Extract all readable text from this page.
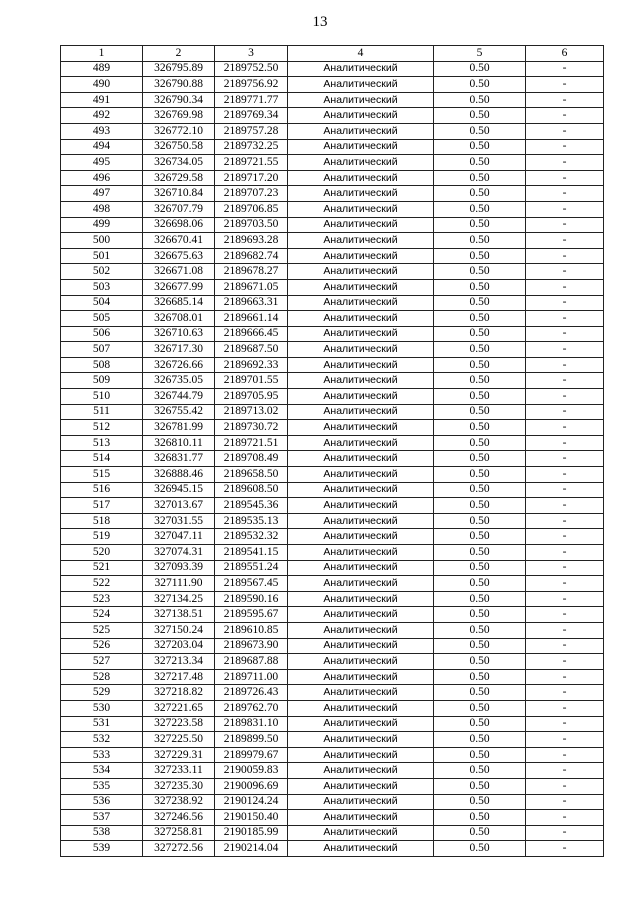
13
1	2	3	4	5	6
489	326795.89	2189752.50	Аналитический	0.50	-
490	326790.88	2189756.92	Аналитический	0.50	-
491	326790.34	2189771.77	Аналитический	0.50	-
492	326769.98	2189769.34	Аналитический	0.50	-
493	326772.10	2189757.28	Аналитический	0.50	-
494	326750.58	2189732.25	Аналитический	0.50	-
495	326734.05	2189721.55	Аналитический	0.50	-
496	326729.58	2189717.20	Аналитический	0.50	-
497	326710.84	2189707.23	Аналитический	0.50	-
498	326707.79	2189706.85	Аналитический	0.50	-
499	326698.06	2189703.50	Аналитический	0.50	-
500	326670.41	2189693.28	Аналитический	0.50	-
501	326675.63	2189682.74	Аналитический	0.50	-
502	326671.08	2189678.27	Аналитический	0.50	-
503	326677.99	2189671.05	Аналитический	0.50	-
504	326685.14	2189663.31	Аналитический	0.50	-
505	326708.01	2189661.14	Аналитический	0.50	-
506	326710.63	2189666.45	Аналитический	0.50	-
507	326717.30	2189687.50	Аналитический	0.50	-
508	326726.66	2189692.33	Аналитический	0.50	-
509	326735.05	2189701.55	Аналитический	0.50	-
510	326744.79	2189705.95	Аналитический	0.50	-
511	326755.42	2189713.02	Аналитический	0.50	-
512	326781.99	2189730.72	Аналитический	0.50	-
513	326810.11	2189721.51	Аналитический	0.50	-
514	326831.77	2189708.49	Аналитический	0.50	-
515	326888.46	2189658.50	Аналитический	0.50	-
516	326945.15	2189608.50	Аналитический	0.50	-
517	327013.67	2189545.36	Аналитический	0.50	-
518	327031.55	2189535.13	Аналитический	0.50	-
519	327047.11	2189532.32	Аналитический	0.50	-
520	327074.31	2189541.15	Аналитический	0.50	-
521	327093.39	2189551.24	Аналитический	0.50	-
522	327111.90	2189567.45	Аналитический	0.50	-
523	327134.25	2189590.16	Аналитический	0.50	-
524	327138.51	2189595.67	Аналитический	0.50	-
525	327150.24	2189610.85	Аналитический	0.50	-
526	327203.04	2189673.90	Аналитический	0.50	-
527	327213.34	2189687.88	Аналитический	0.50	-
528	327217.48	2189711.00	Аналитический	0.50	-
529	327218.82	2189726.43	Аналитический	0.50	-
530	327221.65	2189762.70	Аналитический	0.50	-
531	327223.58	2189831.10	Аналитический	0.50	-
532	327225.50	2189899.50	Аналитический	0.50	-
533	327229.31	2189979.67	Аналитический	0.50	-
534	327233.11	2190059.83	Аналитический	0.50	-
535	327235.30	2190096.69	Аналитический	0.50	-
536	327238.92	2190124.24	Аналитический	0.50	-
537	327246.56	2190150.40	Аналитический	0.50	-
538	327258.81	2190185.99	Аналитический	0.50	-
539	327272.56	2190214.04	Аналитический	0.50	-
